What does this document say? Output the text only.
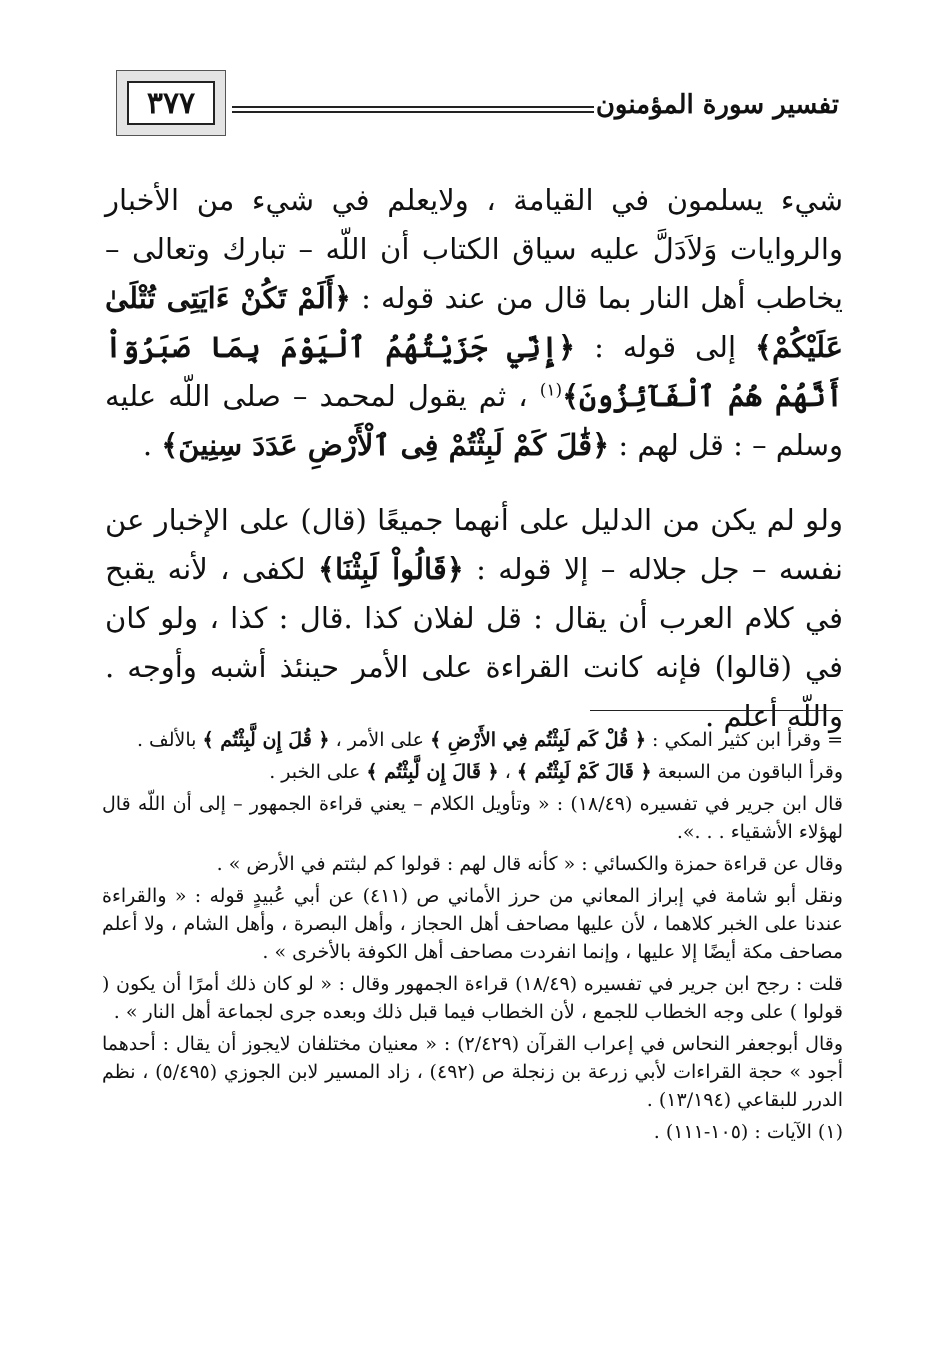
٣٧٧	تفسير سورة المؤمنون

شيء يسلمون في القيامة ، ولايعلم في شيء من الأخبار والروايات وَلاَدَلَّ عليه سياق الكتاب أن اللّه – تبارك وتعالى – يخاطب أهل النار بما قال من عند قوله : ﴿أَلَمْ تَكُنْ ءَايَتِى تُتْلَىٰ عَلَيْكُمْ﴾ إلى قوله : ﴿إِنِّي جَزَيْتُهُمُ ٱلْيَوْمَ بِمَا صَبَرُوٓاْ أَنَّهُمْ هُمُ ٱلْفَآئِزُونَ﴾$^{(١)}$ ، ثم يقول لمحمد – صلى اللّه عليه وسلم – : قل لهم : ﴿قَٰلَ كَمْ لَبِثْتُمْ فِى ٱلْأَرْضِ عَدَدَ سِنِينَ﴾ .

ولو لم يكن من الدليل على أنهما جميعًا (قال) على الإخبار عن نفسه – جل جلاله – إلا قوله : ﴿قَالُواْ لَبِثْنَا﴾ لكفى ، لأنه يقبح في كلام العرب أن يقال : قل لفلان كذا .قال : كذا ، ولو كان في (قالوا) فإنه كانت القراءة على الأمر حينئذ أشبه وأوجه . واللّه أعلم .

= وقرأ ابن كثير المكي : ﴿ قُلْ كَم لَبِثْتُم فِي الأَرْضِ ﴾ على الأمر ، ﴿ قُلَ إِن لَّبِثْتُم ﴾ بالألف .

وقرأ الباقون من السبعة ﴿ قَالَ كَمْ لَبِثْتُم ﴾ ، ﴿ قَالَ إِن لَّبِثْتُم ﴾ على الخبر .

قال ابن جرير في تفسيره (١٨/٤٩) : « وتأويل الكلام – يعني قراءة الجمهور – إلى أن اللّه قال لهؤلاء الأشقياء . . .».

وقال عن قراءة حمزة والكسائي : « كأنه قال لهم : قولوا كم لبثتم في الأرض » .

ونقل أبو شامة في إبراز المعاني من حرز الأماني ص (٤١١) عن أبي عُبيدٍ قوله : « والقراءة عندنا على الخبر كلاهما ، لأن عليها مصاحف أهل الحجاز ، وأهل البصرة ، وأهل الشام ، ولا أعلم مصاحف مكة أيضًا إلا عليها ، وإنما انفردت مصاحف أهل الكوفة بالأخرى » .

قلت : رجح ابن جرير في تفسيره (١٨/٤٩) قراءة الجمهور وقال : « لو كان ذلك أمرًا أن يكون ( قولوا ) على وجه الخطاب للجمع ، لأن الخطاب فيما قبل ذلك وبعده جرى لجماعة أهل النار » .

وقال أبوجعفر النحاس في إعراب القرآن (٢/٤٢٩) : « معنيان مختلفان لايجوز أن يقال : أحدهما أجود » حجة القراءات لأبي زرعة بن زنجلة ص (٤٩٢) ، زاد المسير لابن الجوزي (٥/٤٩٥) ، نظم الدرر للبقاعي (١٣/١٩٤) .

(١) الآيات : (١٠٥-١١١) .
